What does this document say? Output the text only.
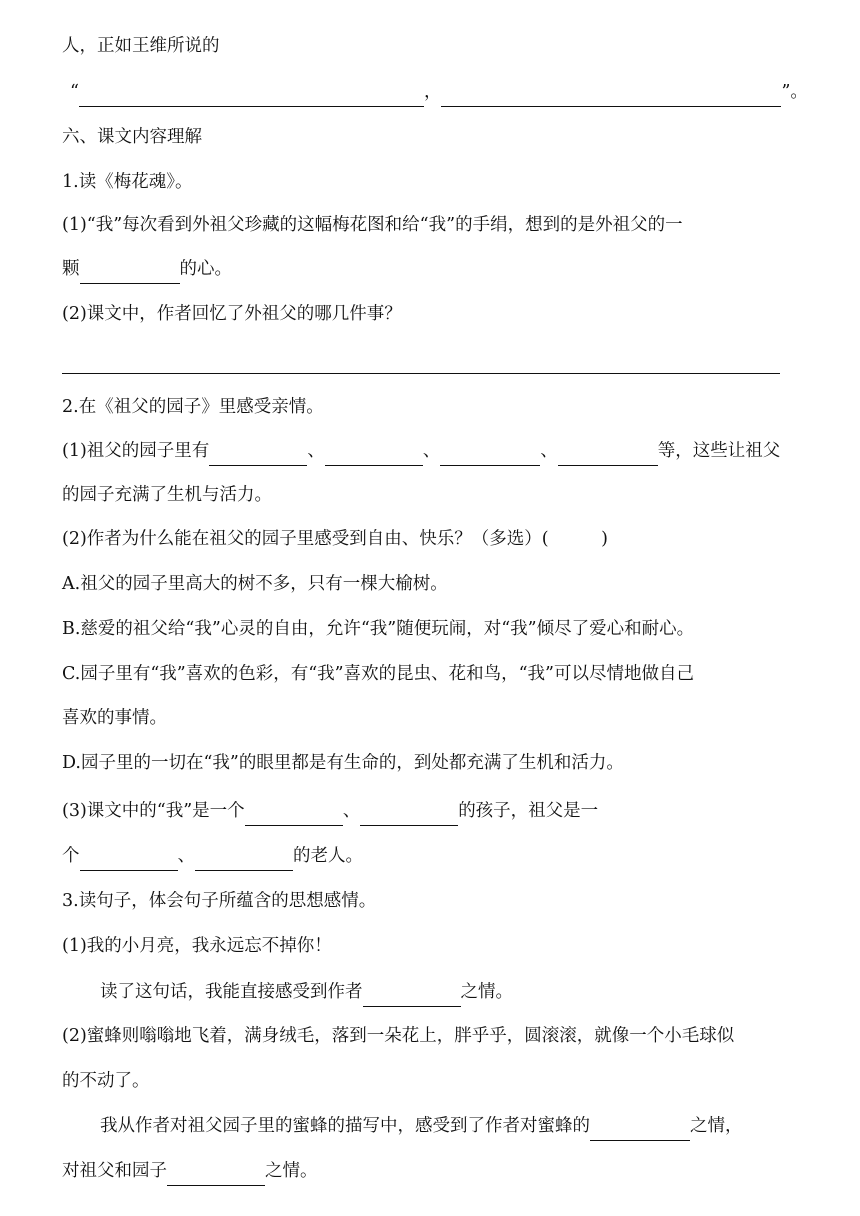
人，正如王维所说的
“	，	”。
六、课文内容理解
1.读《梅花魂》。
(1)“我”每次看到外祖父珍藏的这幅梅花图和给“我”的手绢，想到的是外祖父的一
颗	的心。
(2)课文中，作者回忆了外祖父的哪几件事？
2.在《祖父的园子》里感受亲情。
(1)祖父的园子里有	、	、	、	等，这些让祖父
的园子充满了生机与活力。
(2)作者为什么能在祖父的园子里感受到自由、快乐？（多选）(　　　)
A.祖父的园子里高大的树不多，只有一棵大榆树。
B.慈爱的祖父给“我”心灵的自由，允许“我”随便玩闹，对“我”倾尽了爱心和耐心。
C.园子里有“我”喜欢的色彩，有“我”喜欢的昆虫、花和鸟，“我”可以尽情地做自己
喜欢的事情。
D.园子里的一切在“我”的眼里都是有生命的，到处都充满了生机和活力。
(3)课文中的“我”是一个	、	的孩子，祖父是一
个	、	的老人。
3.读句子，体会句子所蕴含的思想感情。
(1)我的小月亮，我永远忘不掉你！
读了这句话，我能直接感受到作者	之情。
(2)蜜蜂则嗡嗡地飞着，满身绒毛，落到一朵花上，胖乎乎，圆滚滚，就像一个小毛球似
的不动了。
我从作者对祖父园子里的蜜蜂的描写中，感受到了作者对蜜蜂的	之情，
对祖父和园子	之情。
